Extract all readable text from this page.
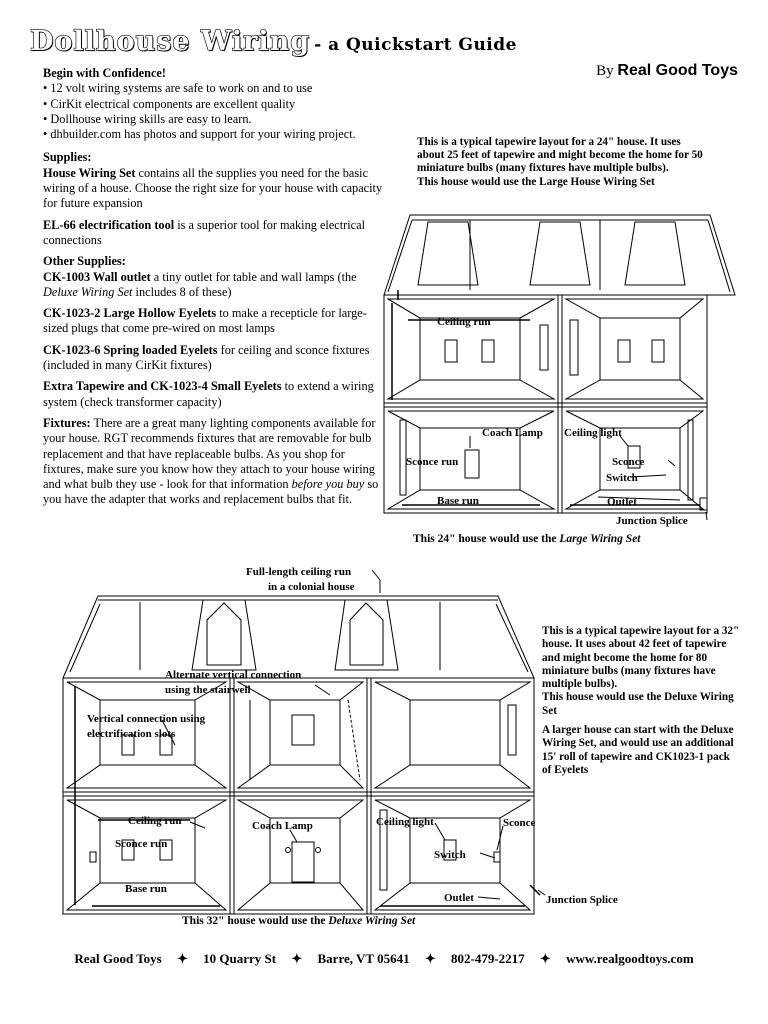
Dollhouse Wiring - a Quickstart Guide
By Real Good Toys

Begin with Confidence!

• 12 volt wiring systems are safe to work on and to use
• CirKit electrical components are excellent quality
• Dollhouse wiring skills are easy to learn.
• dhbuilder.com has photos and support for your wiring project.

Supplies:

House Wiring Set contains all the supplies you need for the basic wiring of a house. Choose the right size for your house with capacity for future expansion

EL-66 electrification tool is a superior tool for making electrical connections

Other Supplies:

CK-1003 Wall outlet a tiny outlet for table and wall lamps (the Deluxe Wiring Set includes 8 of these)

CK-1023-2 Large Hollow Eyelets to make a recepticle for large-sized plugs that come pre-wired on most lamps

CK-1023-6 Spring loaded Eyelets for ceiling and sconce fixtures (included in many CirKit fixtures)

Extra Tapewire and CK-1023-4 Small Eyelets to extend a wiring system (check transformer capacity)

Fixtures: There are a great many lighting components available for your house. RGT recommends fixtures that are removable for bulb replacement and that have replaceable bulbs. As you shop for fixtures, make sure you know how they attach to your house wiring and what bulb they use - look for that information before you buy so you have the adapter that works and replacement bulbs that fit.

This is a typical tapewire layout for a 24" house. It uses about 25 feet of tapewire and might become the home for 50 miniature bulbs (many fixtures have multiple bulbs).
This house would use the Large House Wiring Set

This is a typical tapewire layout for a 32" house. It uses about 42 feet of tapewire and might become the home for 80 miniature bulbs (many fixtures have multiple bulbs).

This house would use the Deluxe Wiring Set

A larger house can start with the Deluxe Wiring Set, and would use an additional 15' roll of tapewire and CK1023-1 pack of Eyelets

Ceiling run
Coach Lamp Ceiling light
Sconce run	Sconce
Switch
Base run	Outlet
Junction Splice
Full-length ceiling run
in a colonial house
Alternate vertical connection
using the stairwell
Vertical connection using
electrification slots
Ceiling run
Sconce run
Base run
Coach Lamp	Ceiling light	Sconce
Switch
Outlet	Junction Splice
This 24" house would use the Large Wiring Set
This 32" house would use the Deluxe Wiring Set
Real Good Toys ✦ 10 Quarry St ✦ Barre, VT 05641 ✦ 802-479-2217 ✦ www.realgoodtoys.com
